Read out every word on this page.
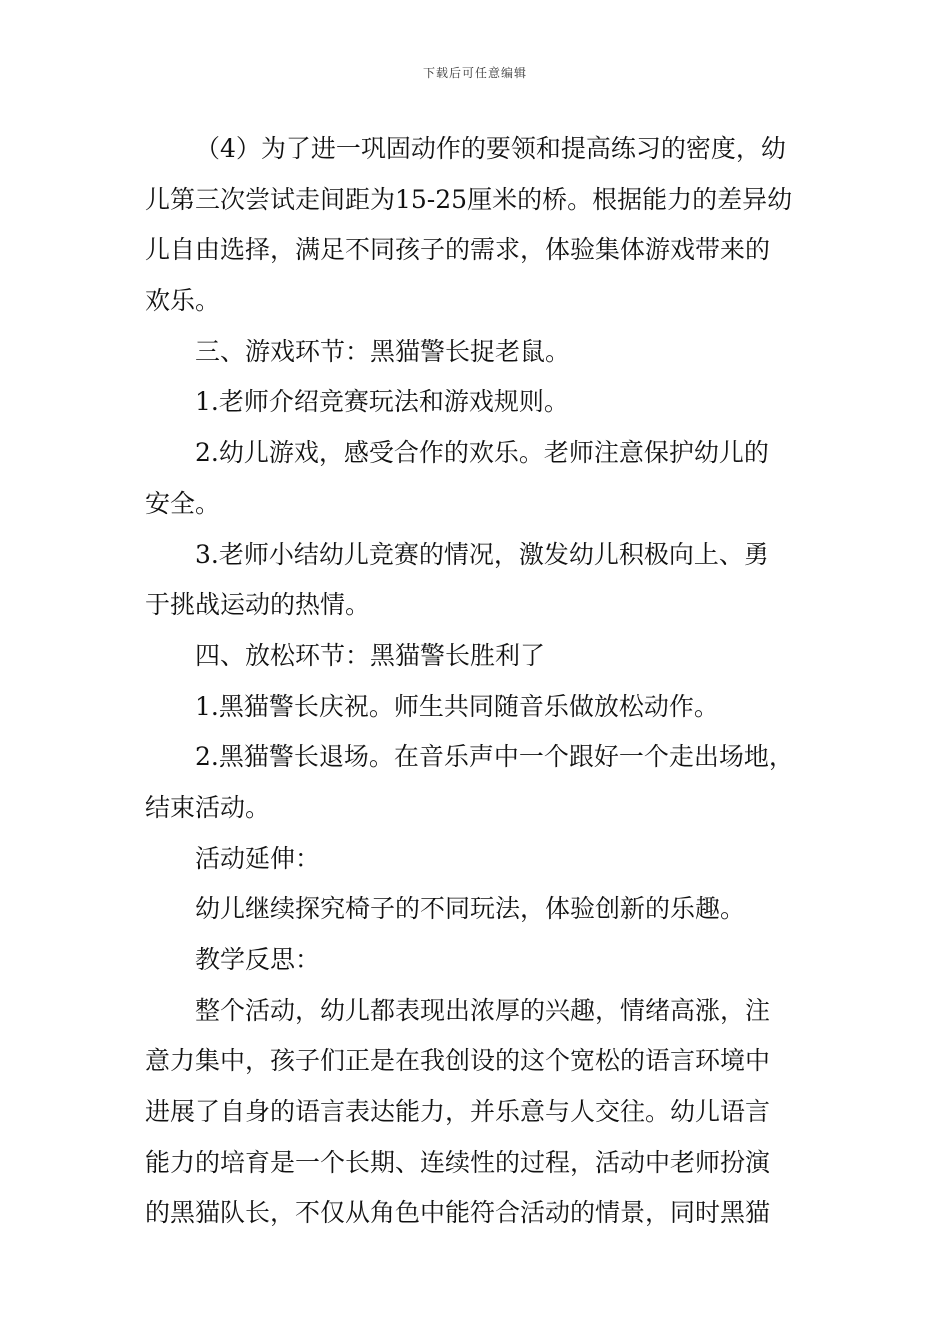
下载后可任意编辑
（4）为了进一巩固动作的要领和提高练习的密度，幼
儿第三次尝试走间距为15-25厘米的桥。根据能力的差异幼
儿自由选择，满足不同孩子的需求，体验集体游戏带来的
欢乐。
三、游戏环节：黑猫警长捉老鼠。
1.老师介绍竞赛玩法和游戏规则。
2.幼儿游戏，感受合作的欢乐。老师注意保护幼儿的
安全。
3.老师小结幼儿竞赛的情况，激发幼儿积极向上、勇
于挑战运动的热情。
四、放松环节：黑猫警长胜利了
1.黑猫警长庆祝。师生共同随音乐做放松动作。
2.黑猫警长退场。在音乐声中一个跟好一个走出场地，
结束活动。
活动延伸：
幼儿继续探究椅子的不同玩法，体验创新的乐趣。
教学反思：
整个活动，幼儿都表现出浓厚的兴趣，情绪高涨，注
意力集中，孩子们正是在我创设的这个宽松的语言环境中
进展了自身的语言表达能力，并乐意与人交往。幼儿语言
能力的培育是一个长期、连续性的过程，活动中老师扮演
的黑猫队长，不仅从角色中能符合活动的情景，同时黑猫
